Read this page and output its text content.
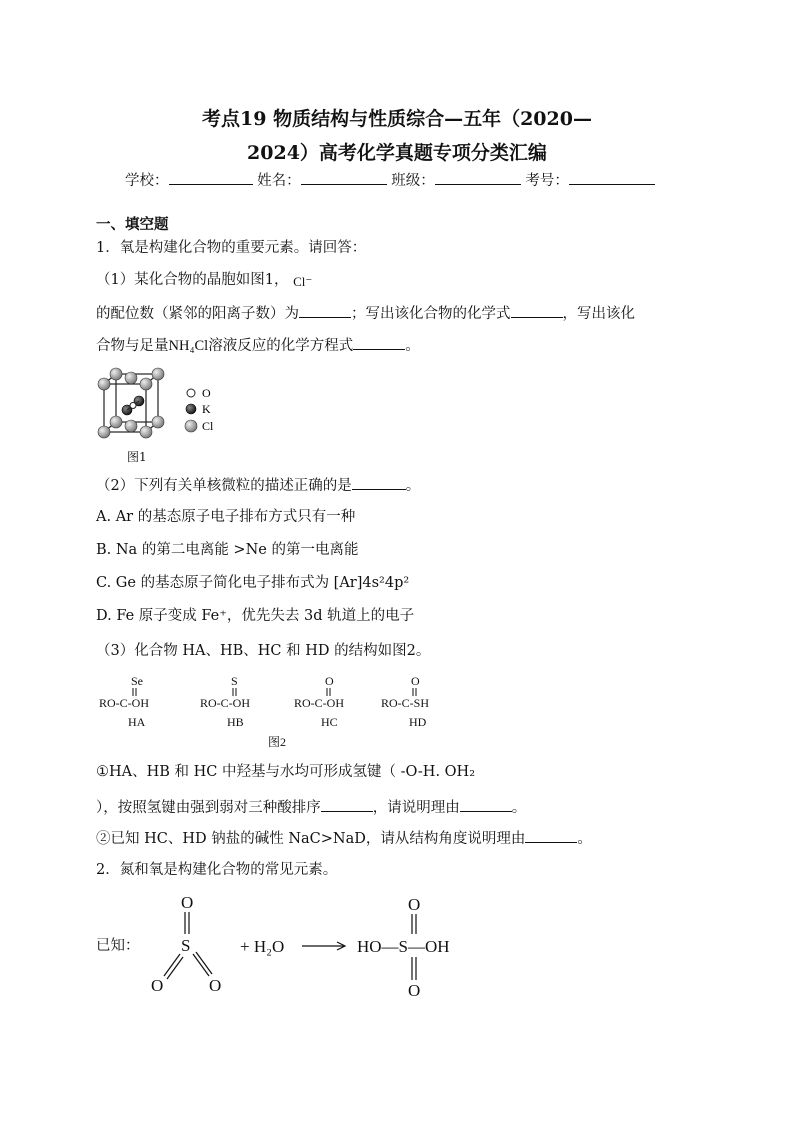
考点19 物质结构与性质综合—五年（2020—
2024）高考化学真题专项分类汇编
学校：	姓名：	班级：	考号：
一、填空题
1．氧是构建化合物的重要元素。请回答：
（1）某化合物的晶胞如图1， Cl⁻
的配位数（紧邻的阳离子数）为	；写出该化合物的化学式	，写出该化
合物与足量NH₄Cl溶液反应的化学方程式	。
O
K
Cl
图1
（2）下列有关单核微粒的描述正确的是	。
A. Ar 的基态原子电子排布方式只有一种
B. Na 的第二电离能 >Ne 的第一电离能
C. Ge 的基态原子简化电子排布式为 [Ar]4s²4p²
D. Fe 原子变成 Fe⁺，优先失去 3d 轨道上的电子
（3）化合物 HA、HB、HC 和 HD 的结构如图2。
Se
RO-C-OH
HA
S
RO-C-OH
HB
O
RO-C-OH
HC
O
RO-C-SH
HD
图2
①HA、HB 和 HC 中羟基与水均可形成氢键（ -O-H. OH₂
），按照氢键由强到弱对三种酸排序	，请说明理由	。
②已知 HC、HD 钠盐的碱性 NaC>NaD，请从结构角度说明理由	。
2．氮和氧是构建化合物的常见元素。
已知：
O
S
O	O
+ H₂O	HO—S—OH
O
O
